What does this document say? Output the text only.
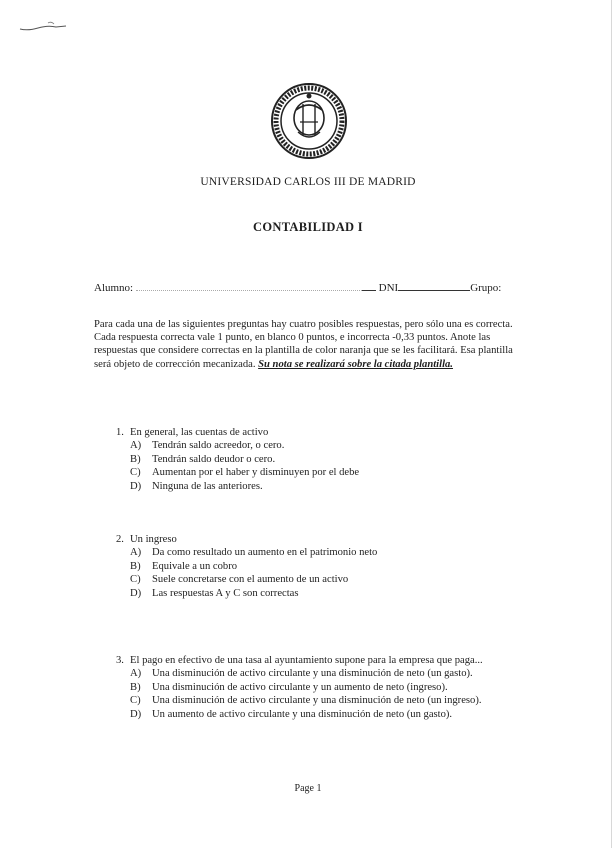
UNIVERSIDAD CARLOS III DE MADRID
CONTABILIDAD I
Alumno:	DNI	Grupo:
Para cada una de las siguientes preguntas hay cuatro posibles respuestas, pero sólo una es correcta. Cada respuesta correcta vale 1 punto, en blanco 0 puntos, e incorrecta -0,33 puntos. Anote las respuestas que considere correctas en la plantilla de color naranja que se les facilitará. Esa plantilla será objeto de corrección mecanizada. Su nota se realizará sobre la citada plantilla.
1. En general, las cuentas de activo
A)	Tendrán saldo acreedor, o cero.
B)	Tendrán saldo deudor o cero.
C)	Aumentan por el haber y disminuyen por el debe
D)	Ninguna de las anteriores.
2. Un ingreso
A)	Da como resultado un aumento en el patrimonio neto
B)	Equivale a un cobro
C)	Suele concretarse con el aumento de un activo
D)	Las respuestas A y C son correctas
3. El pago en efectivo de una tasa al ayuntamiento supone para la empresa que paga...
A)	Una disminución de activo circulante y una disminución de neto (un gasto).
B)	Una disminución de activo circulante y un aumento de neto (ingreso).
C)	Una disminución de activo circulante y una disminución de neto (un ingreso).
D)	Un aumento de activo circulante y una disminución de neto (un gasto).
Page 1
